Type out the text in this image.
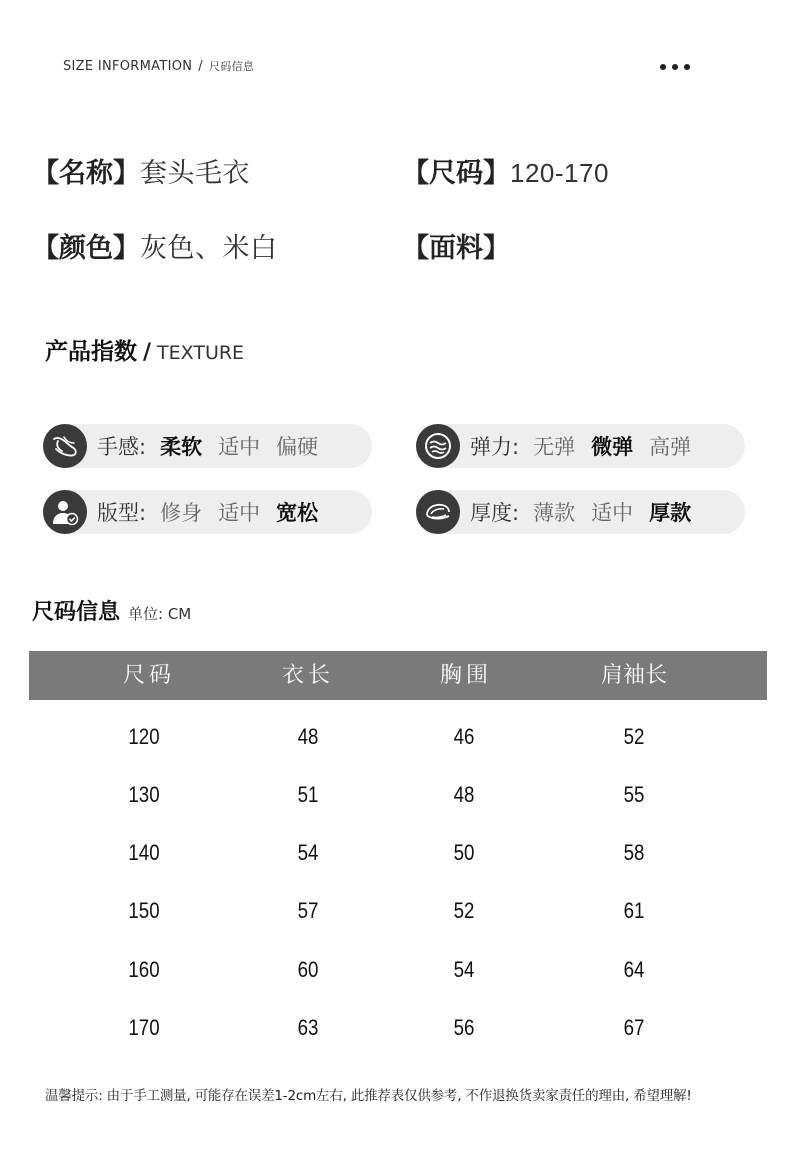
SIZE INFORMATION / 尺码信息
【名称】套头毛衣	【尺码】120-170
【颜色】灰色、米白	【面料】
产品指数 / TEXTURE
手感: 柔软 适中 偏硬	弹力: 无弹 微弹 高弹
版型: 修身 适中 宽松	厚度: 薄款 适中 厚款
尺码信息 单位: CM
尺码	衣长	胸围	肩袖长
120	48	46	52
130	51	48	55
140	54	50	58
150	57	52	61
160	60	54	64
170	63	56	67
温馨提示: 由于手工测量, 可能存在误差1-2cm左右, 此推荐表仅供参考, 不作退换货卖家责任的理由, 希望理解!
